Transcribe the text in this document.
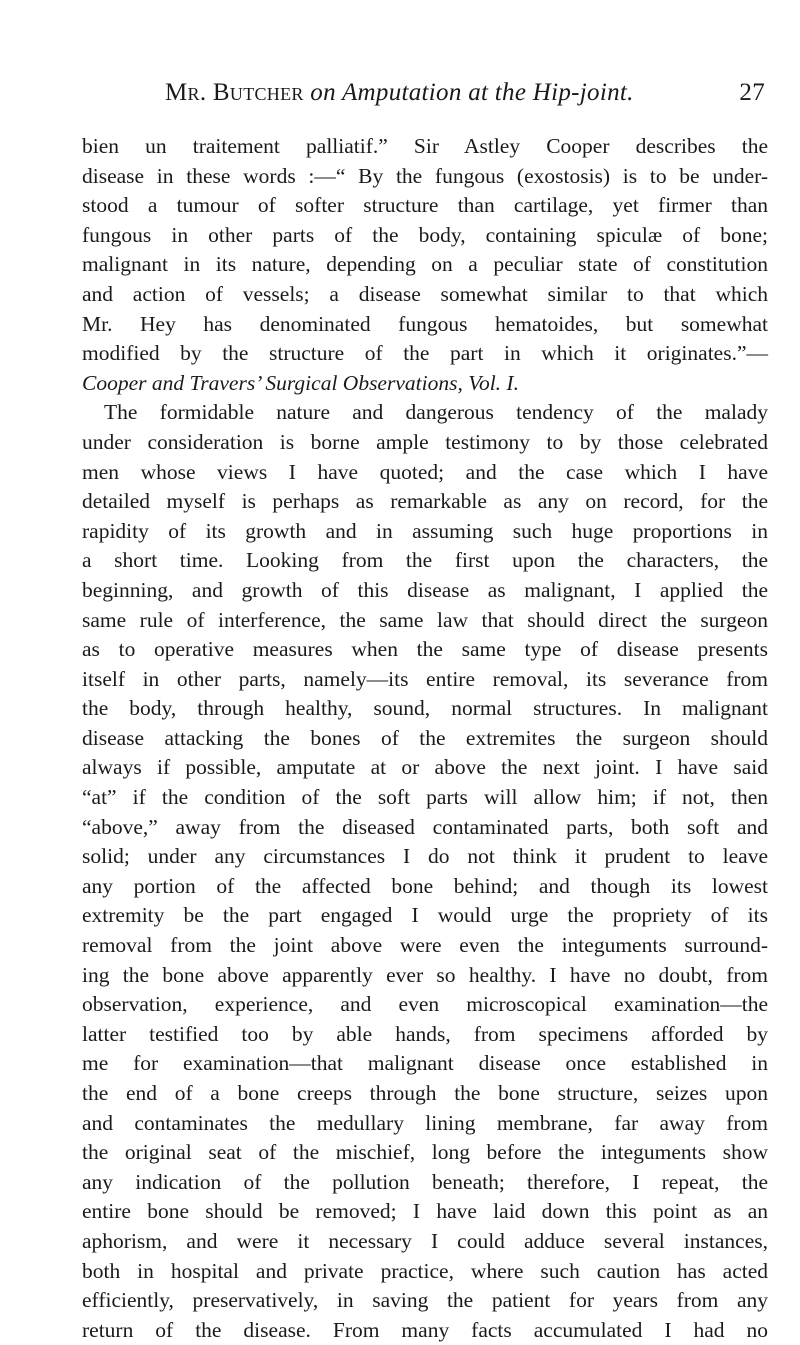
Mr. Butcher on Amputation at the Hip-joint.	27
bien un traitement palliatif.” Sir Astley Cooper describes the
disease in these words :—“ By the fungous (exostosis) is to be under-
stood a tumour of softer structure than cartilage, yet firmer than
fungous in other parts of the body, containing spiculæ of bone;
malignant in its nature, depending on a peculiar state of constitution
and action of vessels; a disease somewhat similar to that which
Mr. Hey has denominated fungous hematoides, but somewhat
modified by the structure of the part in which it originates.”—
Cooper and Travers’ Surgical Observations, Vol. I.
The formidable nature and dangerous tendency of the malady
under consideration is borne ample testimony to by those celebrated
men whose views I have quoted; and the case which I have
detailed myself is perhaps as remarkable as any on record, for the
rapidity of its growth and in assuming such huge proportions in
a short time. Looking from the first upon the characters, the
beginning, and growth of this disease as malignant, I applied the
same rule of interference, the same law that should direct the surgeon
as to operative measures when the same type of disease presents
itself in other parts, namely—its entire removal, its severance from
the body, through healthy, sound, normal structures. In malignant
disease attacking the bones of the extremites the surgeon should
always if possible, amputate at or above the next joint. I have said
“at” if the condition of the soft parts will allow him; if not, then
“above,” away from the diseased contaminated parts, both soft and
solid; under any circumstances I do not think it prudent to leave
any portion of the affected bone behind; and though its lowest
extremity be the part engaged I would urge the propriety of its
removal from the joint above were even the integuments surround-
ing the bone above apparently ever so healthy. I have no doubt, from
observation, experience, and even microscopical examination—the
latter testified too by able hands, from specimens afforded by
me for examination—that malignant disease once established in
the end of a bone creeps through the bone structure, seizes upon
and contaminates the medullary lining membrane, far away from
the original seat of the mischief, long before the integuments show
any indication of the pollution beneath; therefore, I repeat, the
entire bone should be removed; I have laid down this point as an
aphorism, and were it necessary I could adduce several instances,
both in hospital and private practice, where such caution has acted
efficiently, preservatively, in saving the patient for years from any
return of the disease. From many facts accumulated I had no
